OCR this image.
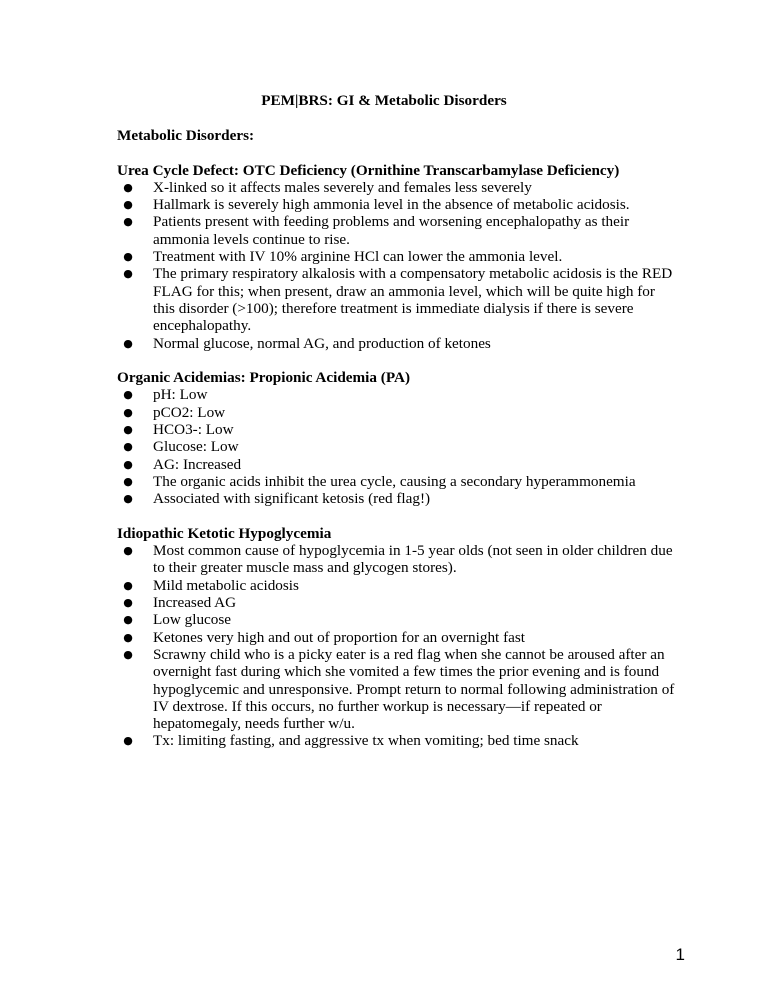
PEM|BRS: GI & Metabolic Disorders

Metabolic Disorders:

Urea Cycle Defect: OTC Deficiency (Ornithine Transcarbamylase Deficiency)

● X-linked so it affects males severely and females less severely
● Hallmark is severely high ammonia level in the absence of metabolic acidosis.
● Patients present with feeding problems and worsening encephalopathy as their ammonia levels continue to rise.
● Treatment with IV 10% arginine HCl can lower the ammonia level.
● The primary respiratory alkalosis with a compensatory metabolic acidosis is the RED FLAG for this; when present, draw an ammonia level, which will be quite high for this disorder (>100); therefore treatment is immediate dialysis if there is severe encephalopathy.
● Normal glucose, normal AG, and production of ketones

Organic Acidemias: Propionic Acidemia (PA)

● pH: Low
● pCO2: Low
● HCO3-: Low
● Glucose: Low
● AG: Increased
● The organic acids inhibit the urea cycle, causing a secondary hyperammonemia
● Associated with significant ketosis (red flag!)

Idiopathic Ketotic Hypoglycemia

● Most common cause of hypoglycemia in 1-5 year olds (not seen in older children due to their greater muscle mass and glycogen stores).
● Mild metabolic acidosis
● Increased AG
● Low glucose
● Ketones very high and out of proportion for an overnight fast
● Scrawny child who is a picky eater is a red flag when she cannot be aroused after an overnight fast during which she vomited a few times the prior evening and is found hypoglycemic and unresponsive. Prompt return to normal following administration of IV dextrose. If this occurs, no further workup is necessary—if repeated or hepatomegaly, needs further w/u.
● Tx: limiting fasting, and aggressive tx when vomiting; bed time snack
1
